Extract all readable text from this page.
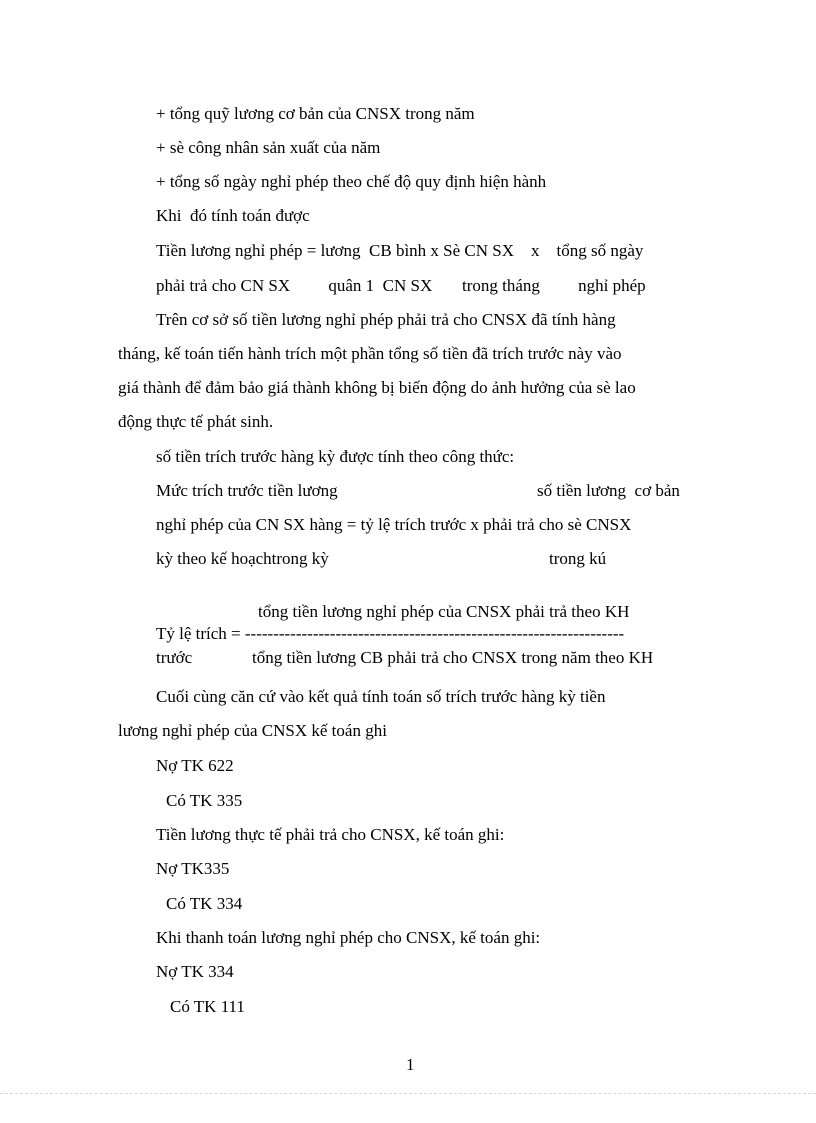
+ tổng quỹ lương cơ bản của CNSX trong năm
+ sè công nhân sản xuất của năm
+ tổng số ngày nghỉ phép theo chế độ quy định hiện hành
Khi  đó tính toán được
Tiền lương nghỉ phép = lương  CB bình x Sè CN SX    x    tổng số ngày
phải trả cho CN SX         quân 1  CN SX       trong tháng         nghỉ phép
Trên cơ sở số tiền lương nghỉ phép phải trả cho CNSX đã tính hàng
tháng, kế toán tiến hành trích một phần tổng số tiền đã trích trước này vào
giá thành để đảm bảo giá thành không bị biến động do ảnh hưởng của sè lao
động thực tế phát sinh.
số tiền trích trước hàng kỳ được tính theo công thức:
Mức trích trước tiền lương	số tiền lương  cơ bản
nghỉ phép của CN SX hàng = tỷ lệ trích trước x phải trả cho sè CNSX
kỳ theo kế hoạchtrong kỳ	trong kú
tổng tiền lương nghỉ phép của CNSX phải trả theo KH
Tỷ lệ trích = -------------------------------------------------------------------
trước	tổng tiền lương CB phải trả cho CNSX trong năm theo KH
Cuối cùng căn cứ vào kết quả tính toán số trích trước hàng kỳ tiền
lương nghỉ phép của CNSX kế toán ghi
Nợ TK 622
Có TK 335
Tiền lương thực tế phải trả cho CNSX, kế toán ghi:
Nợ TK335
Có TK 334
Khi thanh toán lương nghỉ phép cho CNSX, kế toán ghi:
Nợ TK 334
Có TK 111
1
